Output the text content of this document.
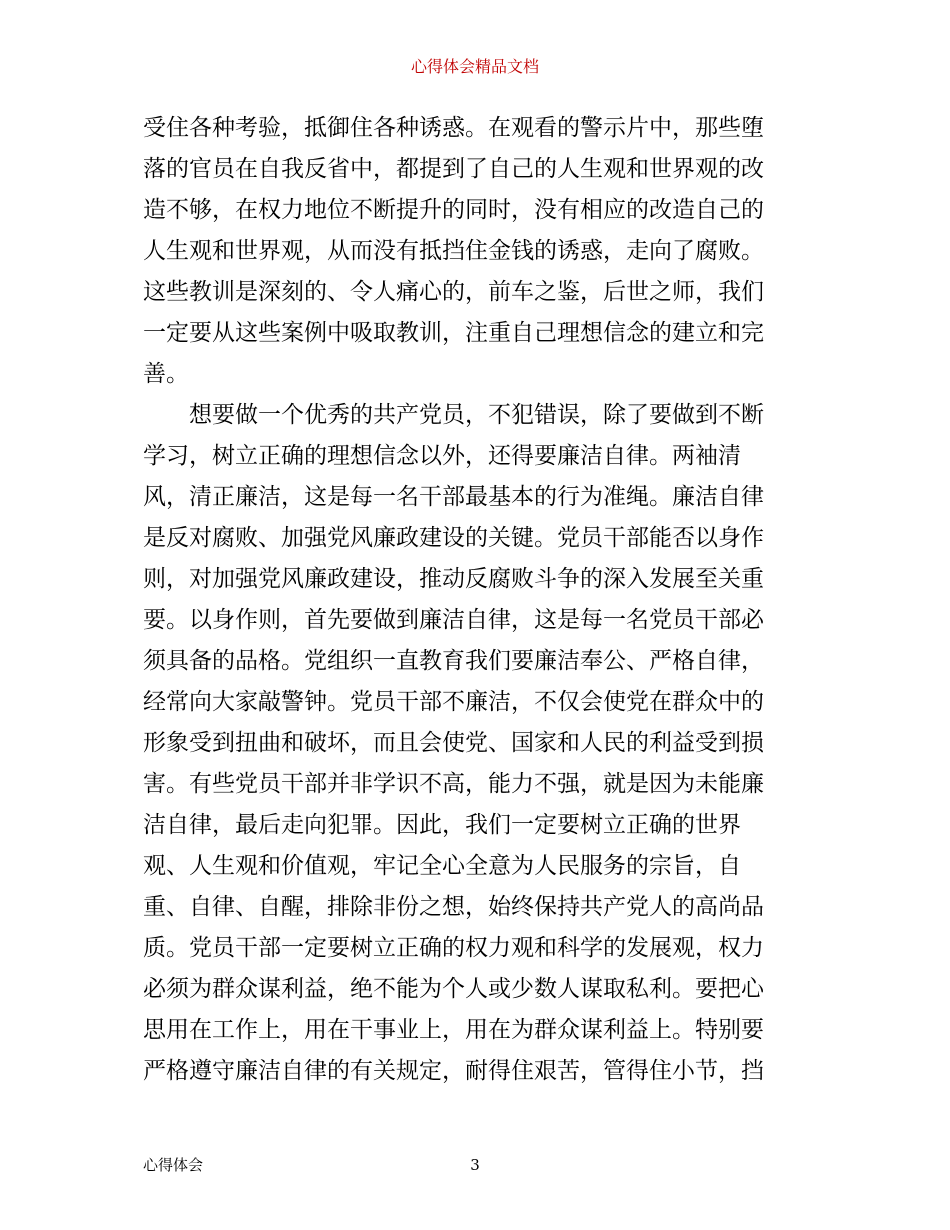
心得体会精品文档
受住各种考验，抵御住各种诱惑。在观看的警示片中，那些堕
落的官员在自我反省中，都提到了自己的人生观和世界观的改
造不够，在权力地位不断提升的同时，没有相应的改造自己的
人生观和世界观，从而没有抵挡住金钱的诱惑，走向了腐败。
这些教训是深刻的、令人痛心的，前车之鉴，后世之师，我们
一定要从这些案例中吸取教训，注重自己理想信念的建立和完
善。
　　想要做一个优秀的共产党员，不犯错误，除了要做到不断
学习，树立正确的理想信念以外，还得要廉洁自律。两袖清
风，清正廉洁，这是每一名干部最基本的行为准绳。廉洁自律
是反对腐败、加强党风廉政建设的关键。党员干部能否以身作
则，对加强党风廉政建设，推动反腐败斗争的深入发展至关重
要。以身作则，首先要做到廉洁自律，这是每一名党员干部必
须具备的品格。党组织一直教育我们要廉洁奉公、严格自律，
经常向大家敲警钟。党员干部不廉洁，不仅会使党在群众中的
形象受到扭曲和破坏，而且会使党、国家和人民的利益受到损
害。有些党员干部并非学识不高，能力不强，就是因为未能廉
洁自律，最后走向犯罪。因此，我们一定要树立正确的世界
观、人生观和价值观，牢记全心全意为人民服务的宗旨，自
重、自律、自醒，排除非份之想，始终保持共产党人的高尚品
质。党员干部一定要树立正确的权力观和科学的发展观，权力
必须为群众谋利益，绝不能为个人或少数人谋取私利。要把心
思用在工作上，用在干事业上，用在为群众谋利益上。特别要
严格遵守廉洁自律的有关规定，耐得住艰苦，管得住小节，挡
心得体会	3
